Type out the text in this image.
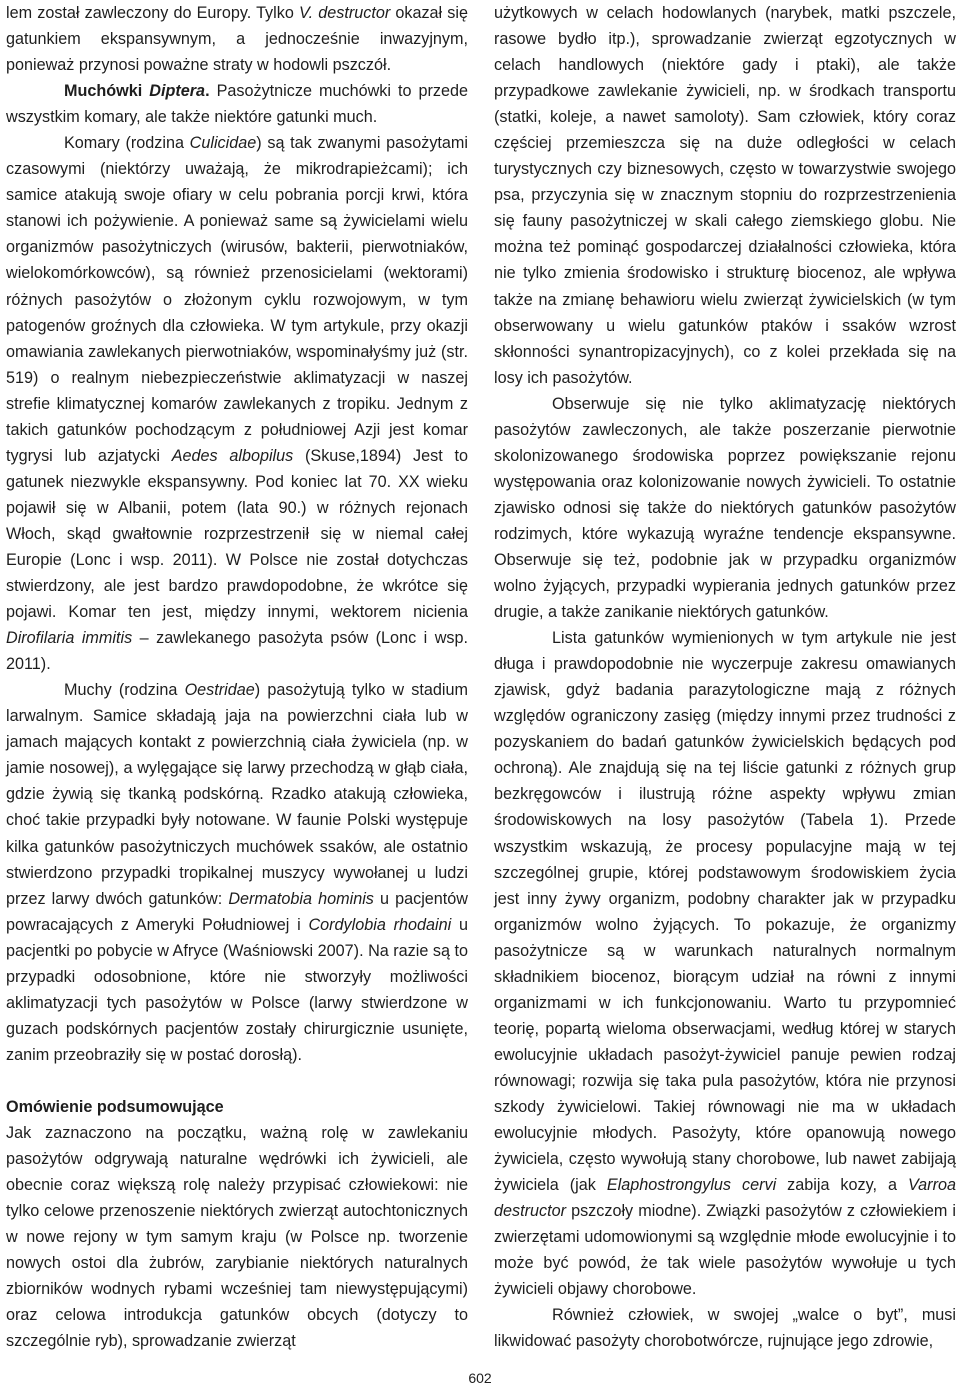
lem został zawleczony do Europy. Tylko V. destructor okazał się gatunkiem ekspansywnym, a jednocześnie inwazyjnym, ponieważ przynosi poważne straty w hodowli pszczół.

Muchówki Diptera. Pasożytnicze muchówki to przede wszystkim komary, ale także niektóre gatunki much.

Komary (rodzina Culicidae) są tak zwanymi pasożytami czasowymi (niektórzy uważają, że mikrodrapieżcami); ich samice atakują swoje ofiary w celu pobrania porcji krwi, która stanowi ich pożywienie. A ponieważ same są żywicielami wielu organizmów pasożytniczych (wirusów, bakterii, pierwotniaków, wielokomórkowców), są również przenosicielami (wektorami) różnych pasożytów o złożonym cyklu rozwojowym, w tym patogenów groźnych dla człowieka. W tym artykule, przy okazji omawiania zawlekanych pierwotniaków, wspominałyśmy już (str. 519) o realnym niebezpieczeństwie aklimatyzacji w naszej strefie klimatycznej komarów zawlekanych z tropiku. Jednym z takich gatunków pochodzącym z południowej Azji jest komar tygrysi lub azjatycki Aedes albopilus (Skuse,1894) Jest to gatunek niezwykle ekspansywny. Pod koniec lat 70. XX wieku pojawił się w Albanii, potem (lata 90.) w różnych rejonach Włoch, skąd gwałtownie rozprzestrzenił się w niemal całej Europie (Lonc i wsp. 2011). W Polsce nie został dotychczas stwierdzony, ale jest bardzo prawdopodobne, że wkrótce się pojawi. Komar ten jest, między innymi, wektorem nicienia Dirofilaria immitis – zawlekanego pasożyta psów (Lonc i wsp. 2011).

Muchy (rodzina Oestridae) pasożytują tylko w stadium larwalnym. Samice składają jaja na powierzchni ciała lub w jamach mających kontakt z powierzchnią ciała żywiciela (np. w jamie nosowej), a wylęgające się larwy przechodzą w głąb ciała, gdzie żywią się tkanką podskórną. Rzadko atakują człowieka, choć takie przypadki były notowane. W faunie Polski występuje kilka gatunków pasożytniczych muchówek ssaków, ale ostatnio stwierdzono przypadki tropikalnej muszycy wywołanej u ludzi przez larwy dwóch gatunków: Dermatobia hominis u pacjentów powracających z Ameryki Południowej i Cordylobia rhodaini u pacjentki po pobycie w Afryce (Waśniowski 2007). Na razie są to przypadki odosobnione, które nie stworzyły możliwości aklimatyzacji tych pasożytów w Polsce (larwy stwierdzone w guzach podskórnych pacjentów zostały chirurgicznie usunięte, zanim przeobraziły się w postać dorosłą).

Omówienie podsumowujące

Jak zaznaczono na początku, ważną rolę w zawlekaniu pasożytów odgrywają naturalne wędrówki ich żywicieli, ale obecnie coraz większą rolę należy przypisać człowiekowi: nie tylko celowe przenoszenie niektórych zwierząt autochtonicznych w nowe rejony w tym samym kraju (w Polsce np. tworzenie nowych ostoi dla żubrów, zarybianie niektórych naturalnych zbiorników wodnych rybami wcześniej tam niewystępującymi) oraz celowa introdukcja gatunków obcych (dotyczy to szczególnie ryb), sprowadzanie zwierząt

użytkowych w celach hodowlanych (narybek, matki pszczele, rasowe bydło itp.), sprowadzanie zwierząt egzotycznych w celach handlowych (niektóre gady i ptaki), ale także przypadkowe zawlekanie żywicieli, np. w środkach transportu (statki, koleje, a nawet samoloty). Sam człowiek, który coraz częściej przemieszcza się na duże odległości w celach turystycznych czy biznesowych, często w towarzystwie swojego psa, przyczynia się w znacznym stopniu do rozprzestrzenienia się fauny pasożytniczej w skali całego ziemskiego globu. Nie można też pominąć gospodarczej działalności człowieka, która nie tylko zmienia środowisko i strukturę biocenoz, ale wpływa także na zmianę behawioru wielu zwierząt żywicielskich (w tym obserwowany u wielu gatunków ptaków i ssaków wzrost skłonności synantropizacyjnych), co z kolei przekłada się na losy ich pasożytów.

Obserwuje się nie tylko aklimatyzację niektórych pasożytów zawleczonych, ale także poszerzanie pierwotnie skolonizowanego środowiska poprzez powiększanie rejonu występowania oraz kolonizowanie nowych żywicieli. To ostatnie zjawisko odnosi się także do niektórych gatunków pasożytów rodzimych, które wykazują wyraźne tendencje ekspansywne. Obserwuje się też, podobnie jak w przypadku organizmów wolno żyjących, przypadki wypierania jednych gatunków przez drugie, a także zanikanie niektórych gatunków.

Lista gatunków wymienionych w tym artykule nie jest długa i prawdopodobnie nie wyczerpuje zakresu omawianych zjawisk, gdyż badania parazytologiczne mają z różnych względów ograniczony zasięg (między innymi przez trudności z pozyskaniem do badań gatunków żywicielskich będących pod ochroną). Ale znajdują się na tej liście gatunki z różnych grup bezkręgowców i ilustrują różne aspekty wpływu zmian środowiskowych na losy pasożytów (Tabela 1). Przede wszystkim wskazują, że procesy populacyjne mają w tej szczególnej grupie, której podstawowym środowiskiem życia jest inny żywy organizm, podobny charakter jak w przypadku organizmów wolno żyjących. To pokazuje, że organizmy pasożytnicze są w warunkach naturalnych normalnym składnikiem biocenoz, biorącym udział na równi z innymi organizmami w ich funkcjonowaniu. Warto tu przypomnieć teorię, popartą wieloma obserwacjami, według której w starych ewolucyjnie układach pasożyt-żywiciel panuje pewien rodzaj równowagi; rozwija się taka pula pasożytów, która nie przynosi szkody żywicielowi. Takiej równowagi nie ma w układach ewolucyjnie młodych. Pasożyty, które opanowują nowego żywiciela, często wywołują stany chorobowe, lub nawet zabijają żywiciela (jak Elaphostrongylus cervi zabija kozy, a Varroa destructor pszczoły miodne). Związki pasożytów z człowiekiem i zwierzętami udomowionymi są względnie młode ewolucyjnie i to może być powód, że tak wiele pasożytów wywołuje u tych żywicieli objawy chorobowe.

Również człowiek, w swojej „walce o byt”, musi likwidować pasożyty chorobotwórcze, rujnujące jego zdrowie,

602
